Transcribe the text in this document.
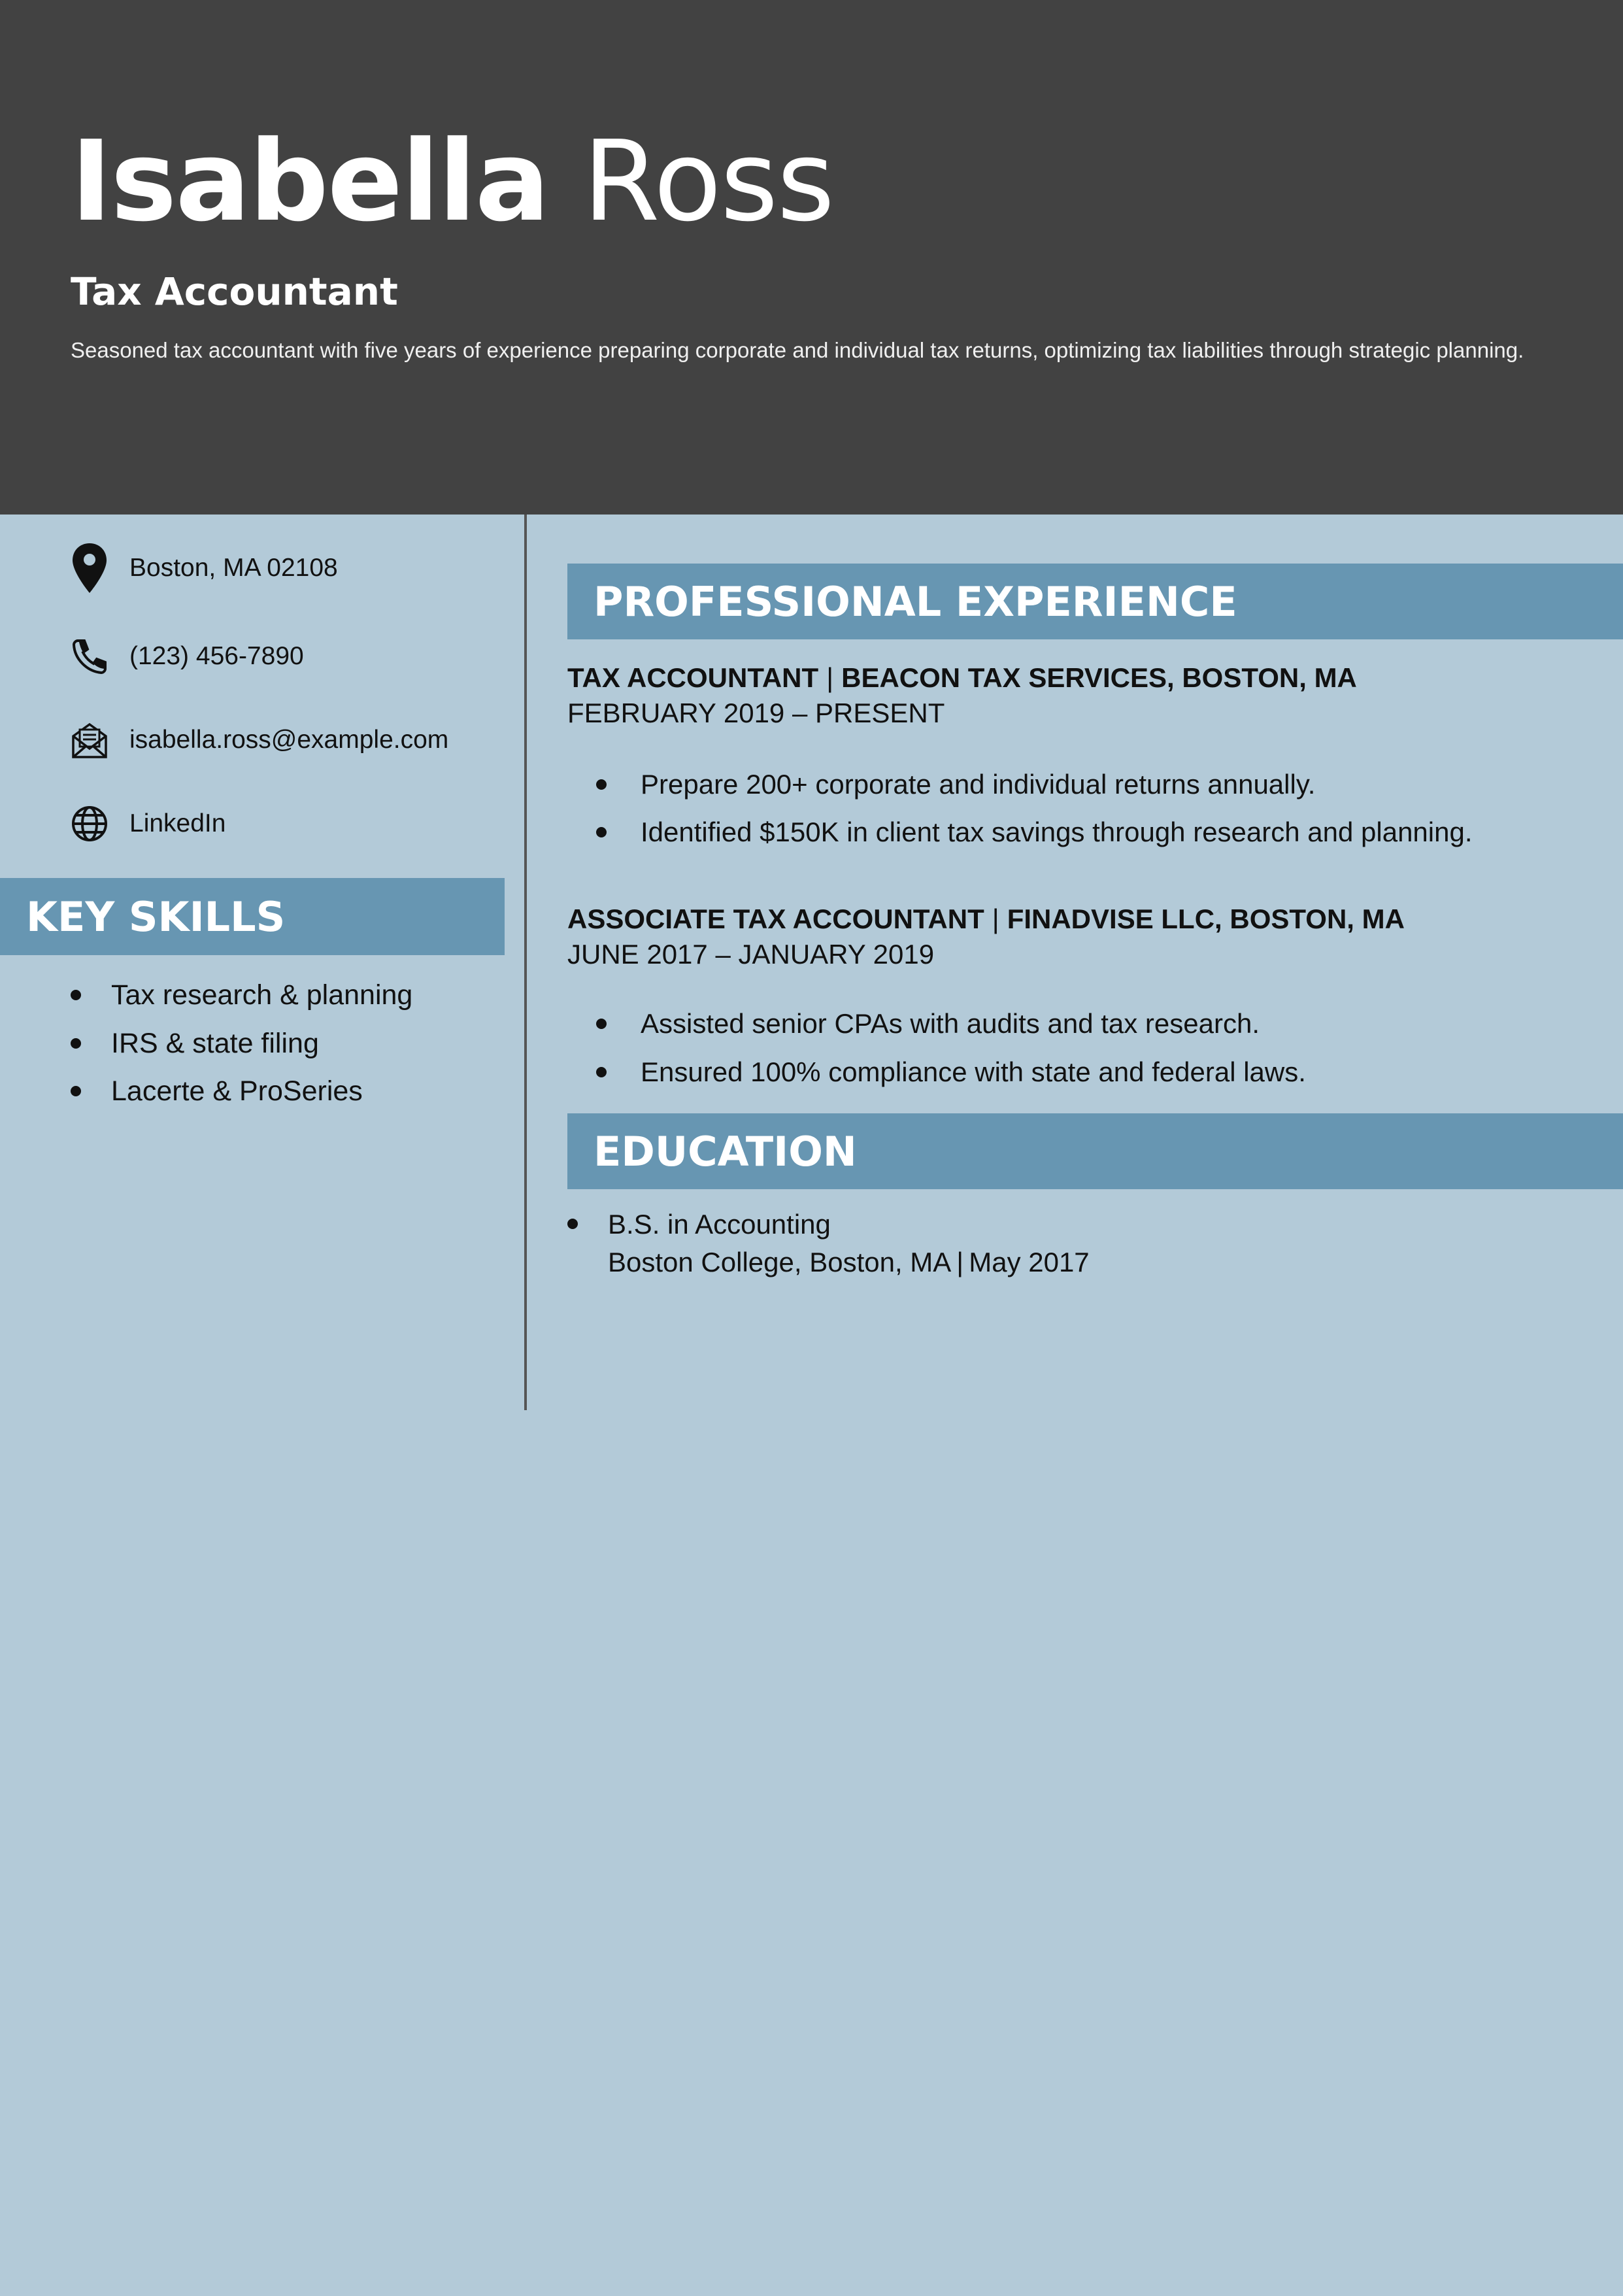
Isabella Ross
Tax Accountant
Seasoned tax accountant with five years of experience preparing corporate and individual tax returns, optimizing tax liabilities through strategic planning.
Boston, MA 02108
(123) 456-7890
isabella.ross@example.com
LinkedIn
KEY SKILLS
Tax research & planning
IRS & state filing
Lacerte & ProSeries
PROFESSIONAL EXPERIENCE
TAX ACCOUNTANT | BEACON TAX SERVICES, BOSTON, MA
FEBRUARY 2019 – PRESENT
Prepare 200+ corporate and individual returns annually.
Identified $150K in client tax savings through research and planning.
ASSOCIATE TAX ACCOUNTANT | FINADVISE LLC, BOSTON, MA
JUNE 2017 – JANUARY 2019
Assisted senior CPAs with audits and tax research.
Ensured 100% compliance with state and federal laws.
EDUCATION
B.S. in Accounting
Boston College, Boston, MA | May 2017
